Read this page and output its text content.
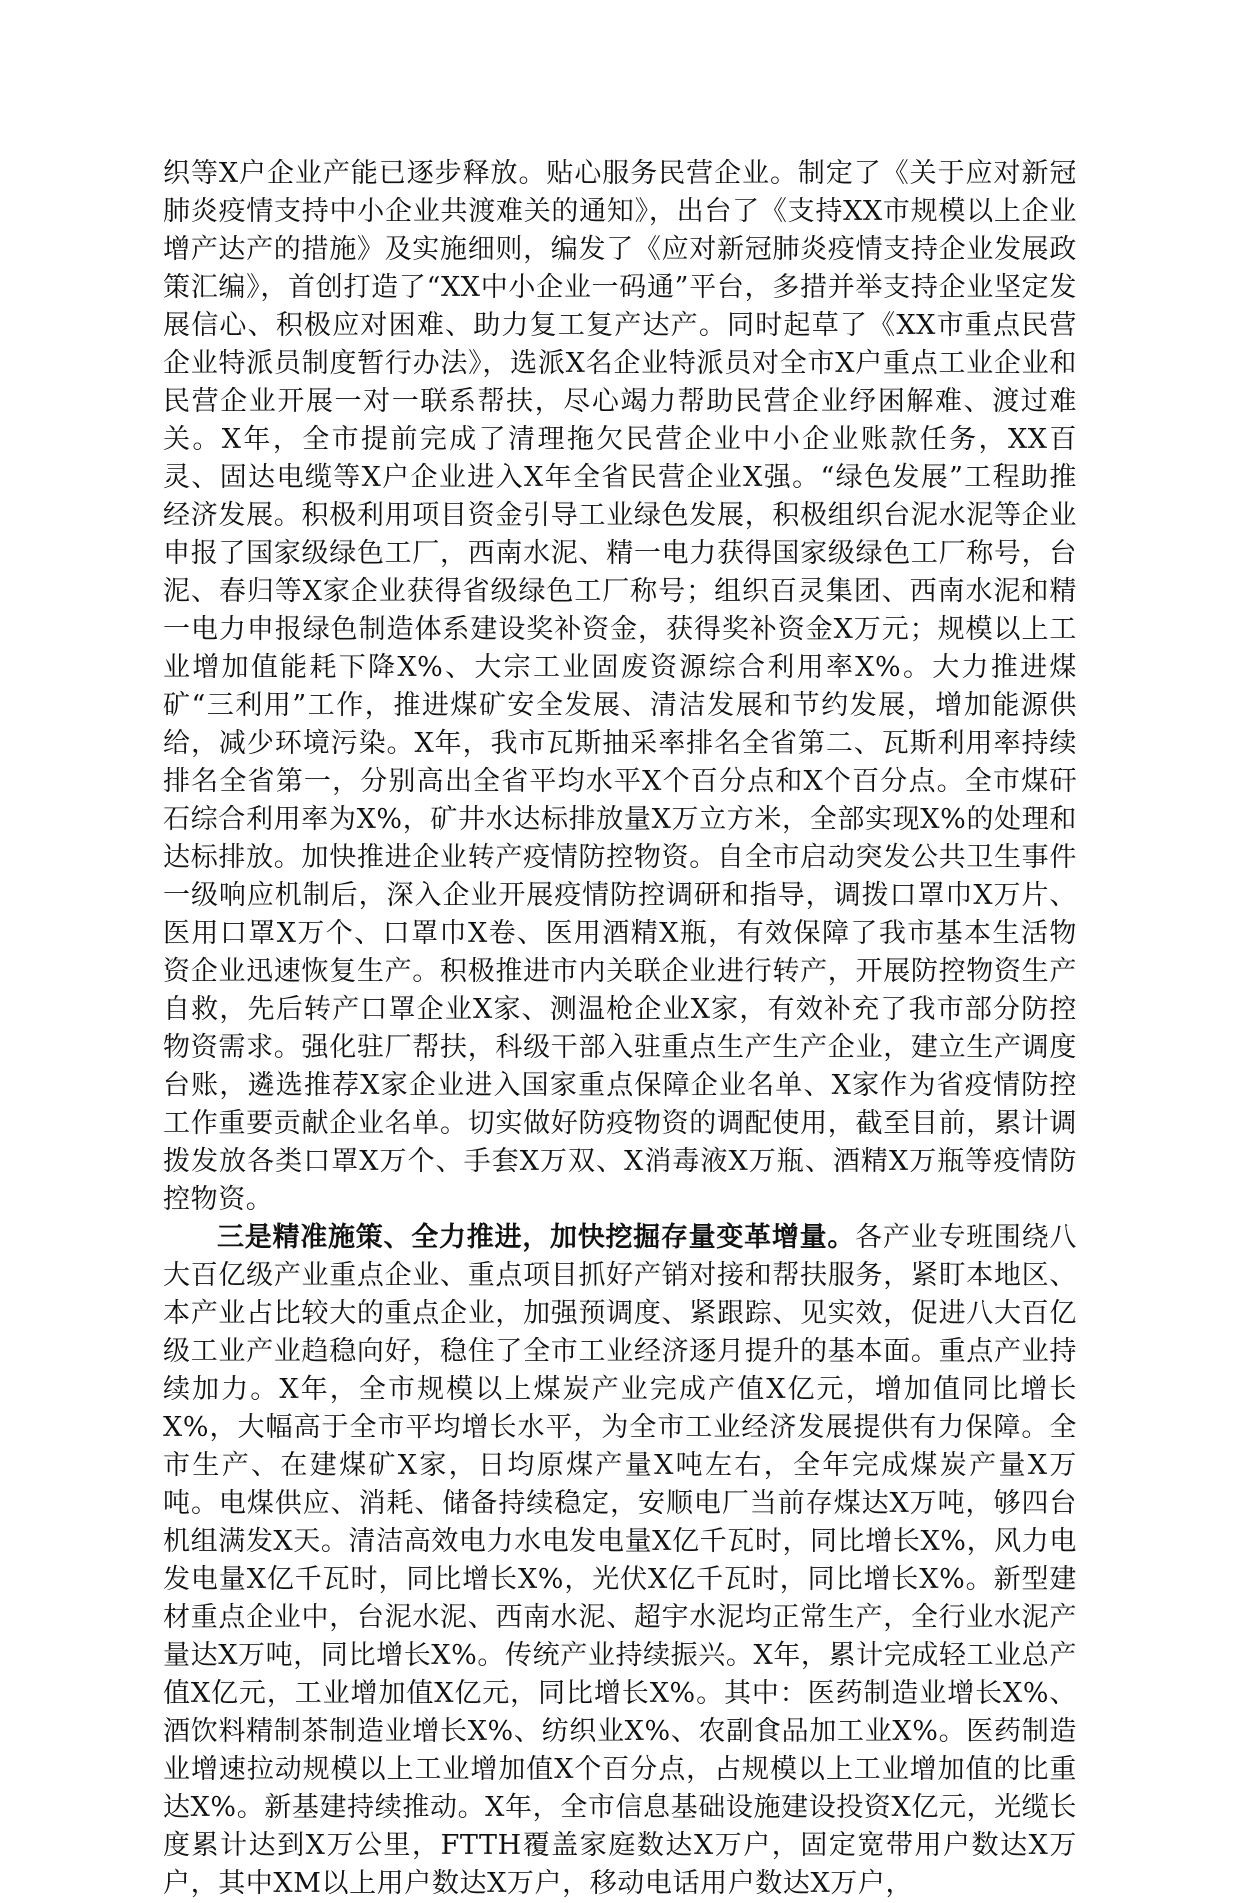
织等X户企业产能已逐步释放。贴心服务民营企业。制定了《关于应对新冠肺炎疫情支持中小企业共渡难关的通知》，出台了《支持XX市规模以上企业增产达产的措施》及实施细则，编发了《应对新冠肺炎疫情支持企业发展政策汇编》，首创打造了“XX中小企业一码通”平台，多措并举支持企业坚定发展信心、积极应对困难、助力复工复产达产。同时起草了《XX市重点民营企业特派员制度暂行办法》，选派X名企业特派员对全市X户重点工业企业和民营企业开展一对一联系帮扶，尽心竭力帮助民营企业纾困解难、渡过难关。X年，全市提前完成了清理拖欠民营企业中小企业账款任务，XX百灵、固达电缆等X户企业进入X年全省民营企业X强。“绿色发展”工程助推经济发展。积极利用项目资金引导工业绿色发展，积极组织台泥水泥等企业申报了国家级绿色工厂，西南水泥、精一电力获得国家级绿色工厂称号，台泥、春归等X家企业获得省级绿色工厂称号；组织百灵集团、西南水泥和精一电力申报绿色制造体系建设奖补资金，获得奖补资金X万元；规模以上工业增加值能耗下降X%、大宗工业固废资源综合利用率X%。大力推进煤矿“三利用”工作，推进煤矿安全发展、清洁发展和节约发展，增加能源供给，减少环境污染。X年，我市瓦斯抽采率排名全省第二、瓦斯利用率持续排名全省第一，分别高出全省平均水平X个百分点和X个百分点。全市煤矸石综合利用率为X%，矿井水达标排放量X万立方米，全部实现X%的处理和达标排放。加快推进企业转产疫情防控物资。自全市启动突发公共卫生事件一级响应机制后，深入企业开展疫情防控调研和指导，调拨口罩巾X万片、医用口罩X万个、口罩巾X卷、医用酒精X瓶，有效保障了我市基本生活物资企业迅速恢复生产。积极推进市内关联企业进行转产，开展防控物资生产自救，先后转产口罩企业X家、测温枪企业X家，有效补充了我市部分防控物资需求。强化驻厂帮扶，科级干部入驻重点生产生产企业，建立生产调度台账，遴选推荐X家企业进入国家重点保障企业名单、X家作为省疫情防控工作重要贡献企业名单。切实做好防疫物资的调配使用，截至目前，累计调拨发放各类口罩X万个、手套X万双、X消毒液X万瓶、酒精X万瓶等疫情防控物资。

三是精准施策、全力推进，加快挖掘存量变革增量。各产业专班围绕八大百亿级产业重点企业、重点项目抓好产销对接和帮扶服务，紧盯本地区、本产业占比较大的重点企业，加强预调度、紧跟踪、见实效，促进八大百亿级工业产业趋稳向好，稳住了全市工业经济逐月提升的基本面。重点产业持续加力。X年，全市规模以上煤炭产业完成产值X亿元，增加值同比增长X%，大幅高于全市平均增长水平，为全市工业经济发展提供有力保障。全市生产、在建煤矿X家，日均原煤产量X吨左右，全年完成煤炭产量X万吨。电煤供应、消耗、储备持续稳定，安顺电厂当前存煤达X万吨，够四台机组满发X天。清洁高效电力水电发电量X亿千瓦时，同比增长X%，风力电发电量X亿千瓦时，同比增长X%，光伏X亿千瓦时，同比增长X%。新型建材重点企业中，台泥水泥、西南水泥、超宇水泥均正常生产，全行业水泥产量达X万吨，同比增长X%。传统产业持续振兴。X年，累计完成轻工业总产值X亿元，工业增加值X亿元，同比增长X%。其中：医药制造业增长X%、酒饮料精制茶制造业增长X%、纺织业X%、农副食品加工业X%。医药制造业增速拉动规模以上工业增加值X个百分点，占规模以上工业增加值的比重达X%。新基建持续推动。X年，全市信息基础设施建设投资X亿元，光缆长度累计达到X万公里，FTTH覆盖家庭数达X万户，固定宽带用户数达X万户，其中XM以上用户数达X万户，移动电话用户数达X万户，
